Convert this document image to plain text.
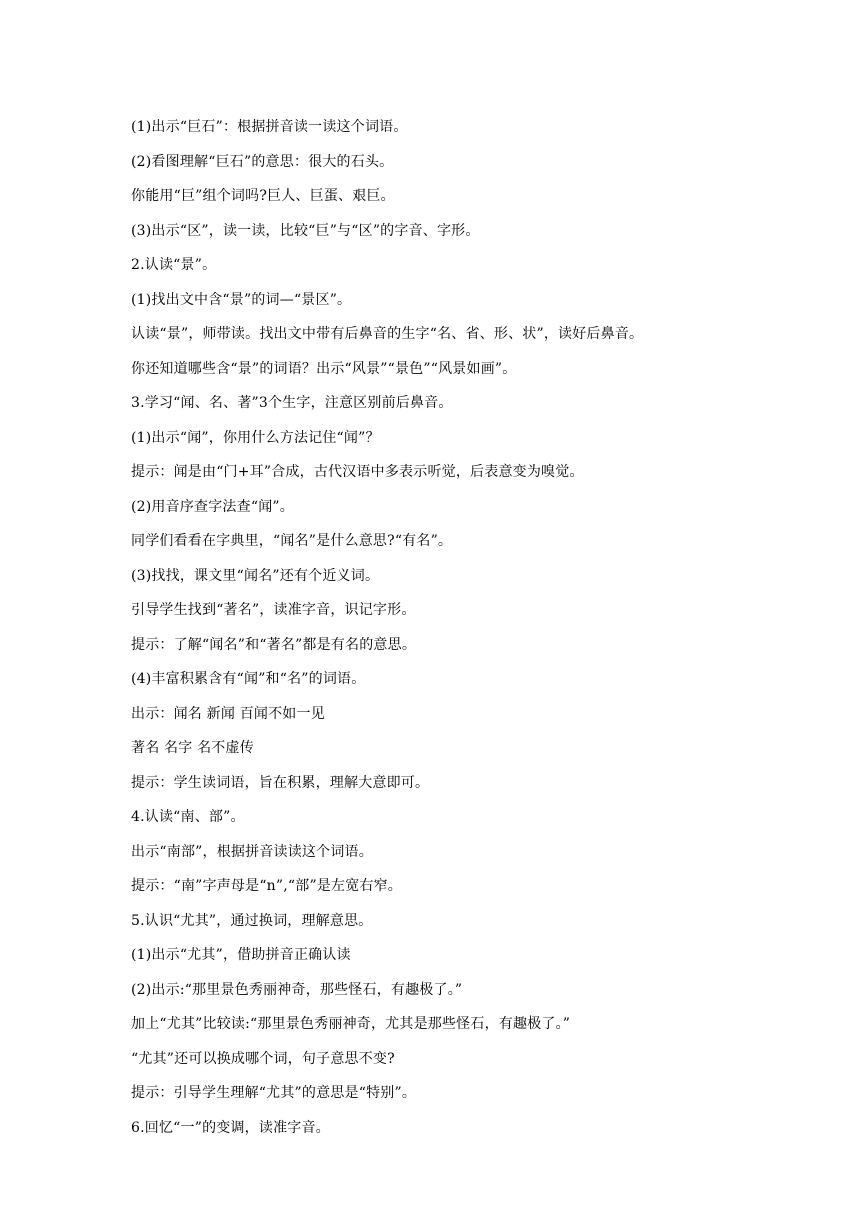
(1)出示“巨石”：根据拼音读一读这个词语。
(2)看图理解“巨石”的意思：很大的石头。
你能用“巨”组个词吗?巨人、巨蛋、艰巨。
(3)出示“区”，读一读，比较“巨”与“区”的字音、字形。
2.认读“景”。
(1)找出文中含“景”的词—“景区”。
认读“景”，师带读。找出文中带有后鼻音的生字“名、省、形、状”，读好后鼻音。
你还知道哪些含“景”的词语？出示“风景”“景色”“风景如画”。
3.学习“闻、名、著”3个生字，注意区别前后鼻音。
(1)出示“闻”，你用什么方法记住“闻”？
提示：闻是由“门+耳”合成，古代汉语中多表示听觉，后表意变为嗅觉。
(2)用音序查字法查“闻”。
同学们看看在字典里，“闻名”是什么意思?“有名”。
(3)找找，课文里“闻名”还有个近义词。
引导学生找到“著名”，读准字音，识记字形。
提示：了解“闻名”和“著名”都是有名的意思。
(4)丰富积累含有“闻”和“名”的词语。
出示：闻名 新闻 百闻不如一见
著名 名字 名不虚传
提示：学生读词语，旨在积累，理解大意即可。
4.认读“南、部”。
出示“南部”，根据拼音读读这个词语。
提示：“南”字声母是“n”,“部”是左宽右窄。
5.认识“尤其”，通过换词，理解意思。
(1)出示“尤其”，借助拼音正确认读
(2)出示:“那里景色秀丽神奇，那些怪石，有趣极了。”
加上“尤其”比较读:“那里景色秀丽神奇，尤其是那些怪石，有趣极了。”
“尤其”还可以换成哪个词，句子意思不变?
提示：引导学生理解“尤其”的意思是“特别”。
6.回忆“一”的变调，读准字音。
